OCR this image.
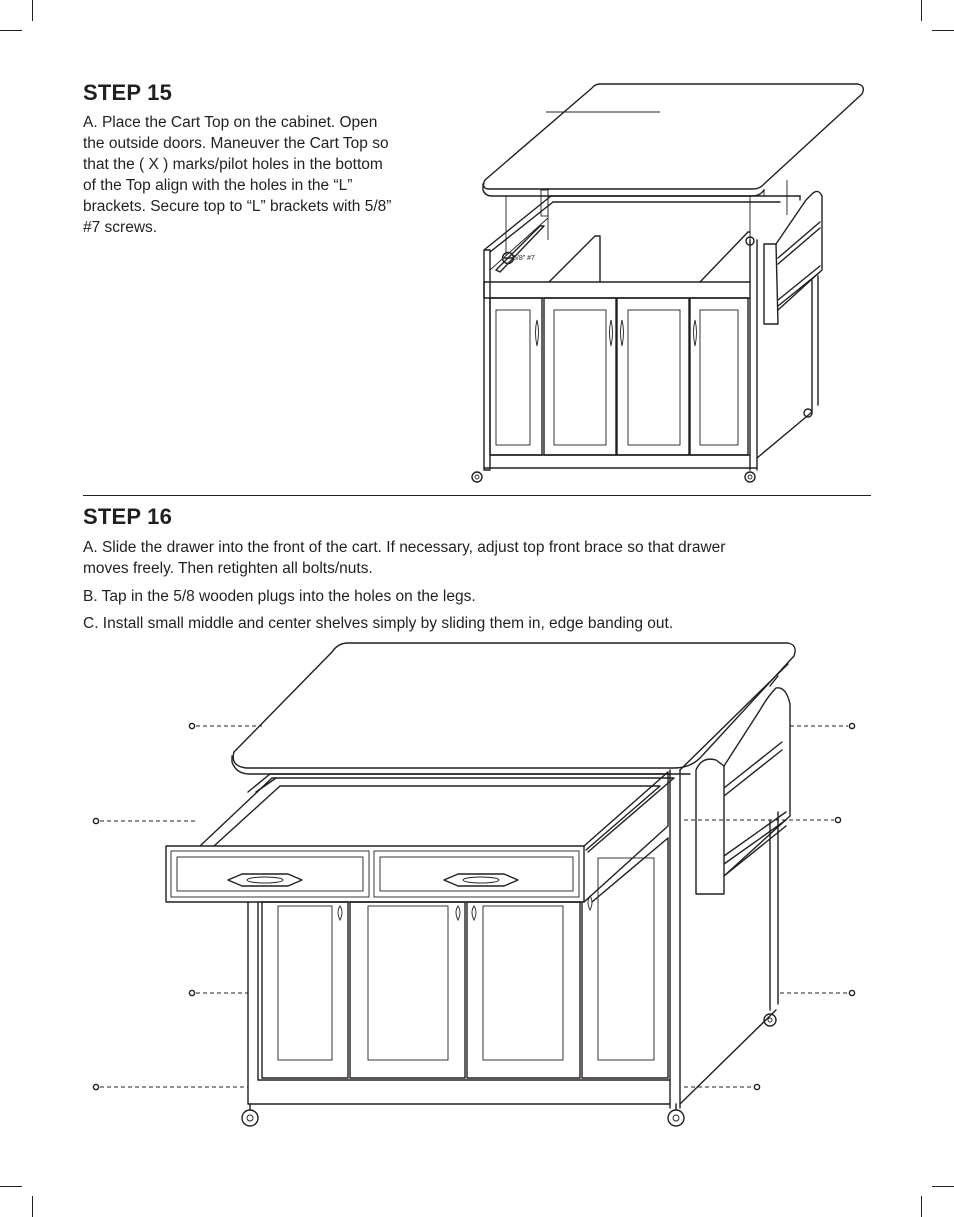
STEP 15

A. Place the Cart Top on the cabinet. Open

the outside doors. Maneuver the Cart Top so

that the ( X ) marks/pilot holes in the bottom

of the Top align with the holes in the “L”

brackets. Secure top to “L” brackets with 5/8”

#7 screws.

5/8" #7
STEP 16

A. Slide the drawer into the front of the cart. If necessary, adjust top front brace so that drawer

moves freely. Then retighten all bolts/nuts.

B. Tap in the 5/8 wooden plugs into the holes on the legs.

C. Install small middle and center shelves simply by sliding them in, edge banding out.
